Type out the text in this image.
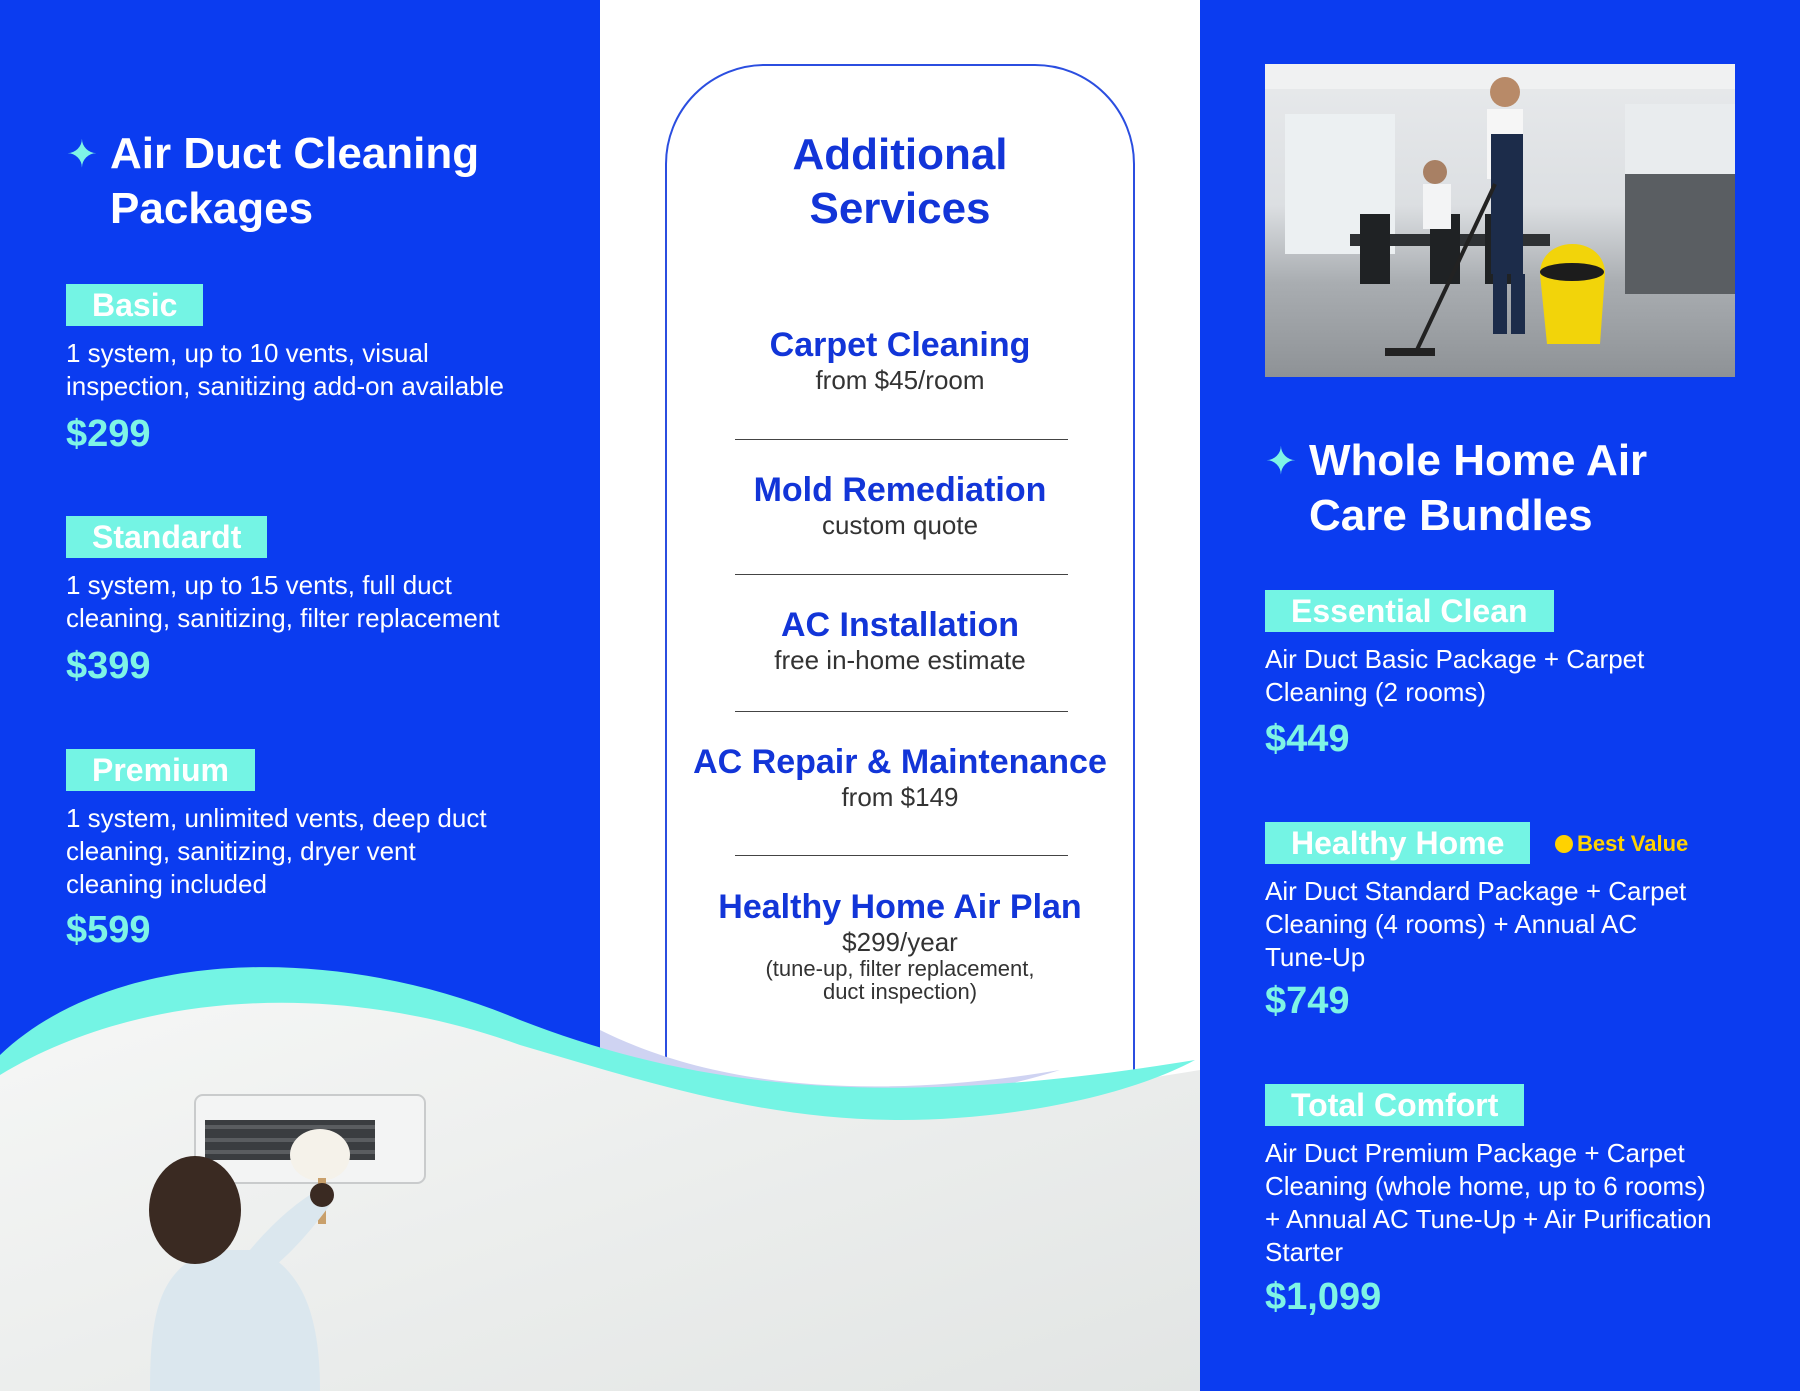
✦ Air Duct Cleaning
Packages
Basic
1 system, up to 10 vents, visual
inspection, sanitizing add-on available
$299
Standardt
1 system, up to 15 vents, full duct
cleaning, sanitizing, filter replacement
$399
Premium
1 system, unlimited vents, deep duct
cleaning, sanitizing, dryer vent
cleaning included
$599
Additional
Services
Carpet Cleaning
from $45/room
Mold Remediation
custom quote
AC Installation
free in-home estimate
AC Repair & Maintenance
from $149
Healthy Home Air Plan
$299/year
(tune-up, filter replacement,
duct inspection)
✦ Whole Home Air
Care Bundles
Essential Clean
Air Duct Basic Package + Carpet
Cleaning (2 rooms)
$449
Healthy Home	Best Value
Air Duct Standard Package + Carpet
Cleaning (4 rooms) + Annual AC
Tune-Up
$749
Total Comfort
Air Duct Premium Package + Carpet
Cleaning (whole home, up to 6 rooms)
+ Annual AC Tune-Up + Air Purification
Starter
$1,099
